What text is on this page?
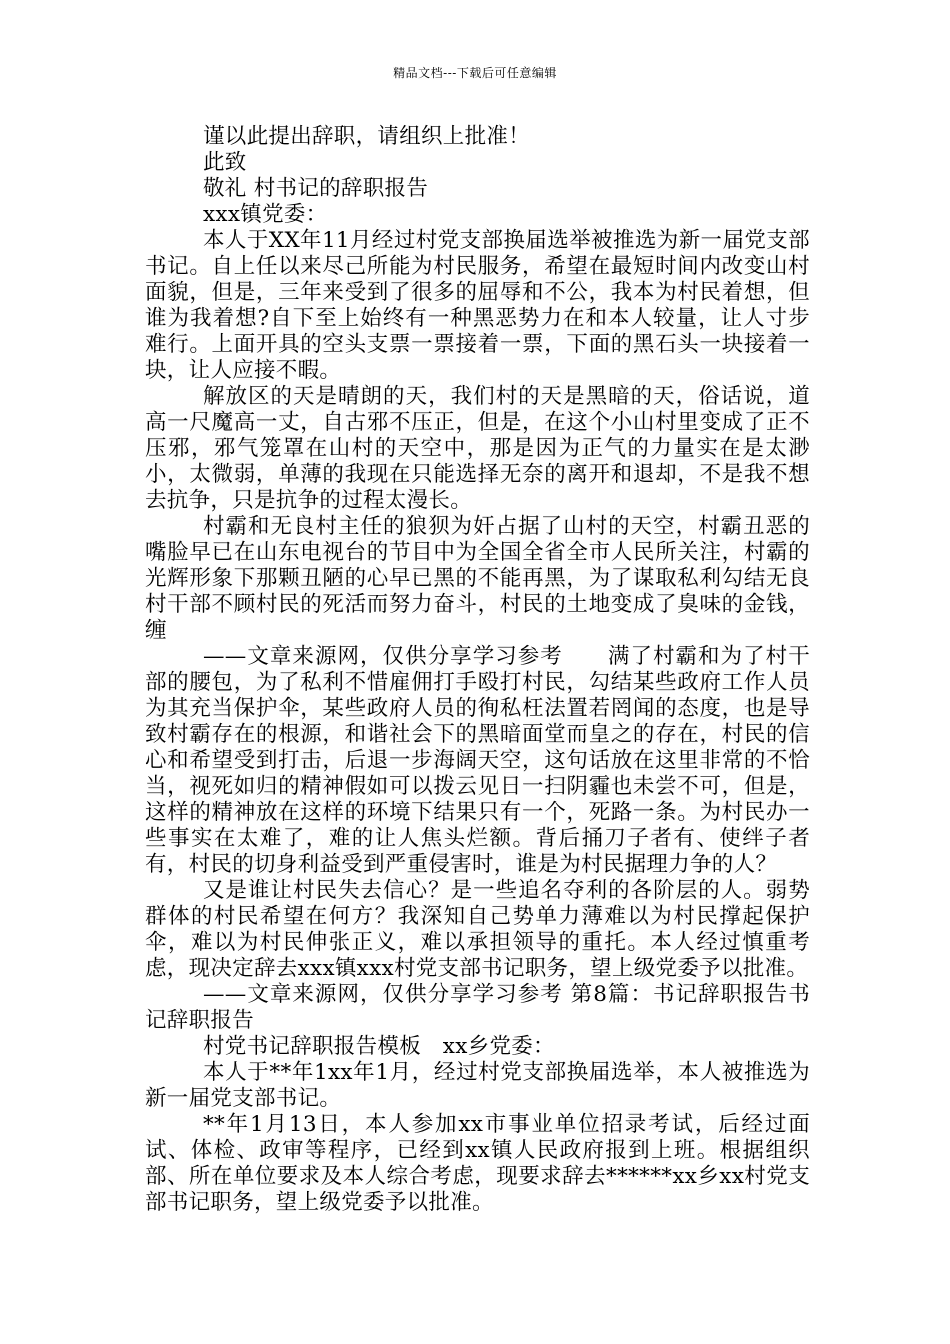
精品文档---下载后可任意编辑

谨以此提出辞职，请组织上批准！

此致

敬礼 村书记的辞职报告

xxx镇党委：

本人于XX年11月经过村党支部换届选举被推选为新一届党支部书记。自上任以来尽己所能为村民服务，希望在最短时间内改变山村面貌，但是，三年来受到了很多的屈辱和不公，我本为村民着想，但谁为我着想?自下至上始终有一种黑恶势力在和本人较量，让人寸步难行。上面开具的空头支票一票接着一票，下面的黑石头一块接着一块，让人应接不暇。

解放区的天是晴朗的天，我们村的天是黑暗的天，俗话说，道高一尺魔高一丈，自古邪不压正，但是，在这个小山村里变成了正不压邪，邪气笼罩在山村的天空中，那是因为正气的力量实在是太渺小，太微弱，单薄的我现在只能选择无奈的离开和退却，不是我不想去抗争，只是抗争的过程太漫长。

村霸和无良村主任的狼狈为奸占据了山村的天空，村霸丑恶的嘴脸早已在山东电视台的节目中为全国全省全市人民所关注，村霸的光辉形象下那颗丑陋的心早已黑的不能再黑，为了谋取私利勾结无良村干部不顾村民的死活而努力奋斗，村民的土地变成了臭味的金钱，缠

——文章来源网，仅供分享学习参考　　满了村霸和为了村干部的腰包，为了私利不惜雇佣打手殴打村民，勾结某些政府工作人员为其充当保护伞，某些政府人员的徇私枉法置若罔闻的态度，也是导致村霸存在的根源，和谐社会下的黑暗面堂而皇之的存在，村民的信心和希望受到打击，后退一步海阔天空，这句话放在这里非常的不恰当，视死如归的精神假如可以拨云见日一扫阴霾也未尝不可，但是，这样的精神放在这样的环境下结果只有一个，死路一条。为村民办一些事实在太难了，难的让人焦头烂额。背后捅刀子者有、使绊子者有，村民的切身利益受到严重侵害时，谁是为村民据理力争的人？

又是谁让村民失去信心？是一些追名夺利的各阶层的人。弱势群体的村民希望在何方？我深知自己势单力薄难以为村民撑起保护伞，难以为村民伸张正义，难以承担领导的重托。本人经过慎重考虑，现决定辞去xxx镇xxx村党支部书记职务，望上级党委予以批准。

——文章来源网，仅供分享学习参考 第8篇：书记辞职报告书记辞职报告

村党书记辞职报告模板　xx乡党委：

本人于**年1xx年1月，经过村党支部换届选举，本人被推选为新一届党支部书记。

**年1月13日，本人参加xx市事业单位招录考试，后经过面试、体检、政审等程序，已经到xx镇人民政府报到上班。根据组织部、所在单位要求及本人综合考虑，现要求辞去******xx乡xx村党支部书记职务，望上级党委予以批准。
